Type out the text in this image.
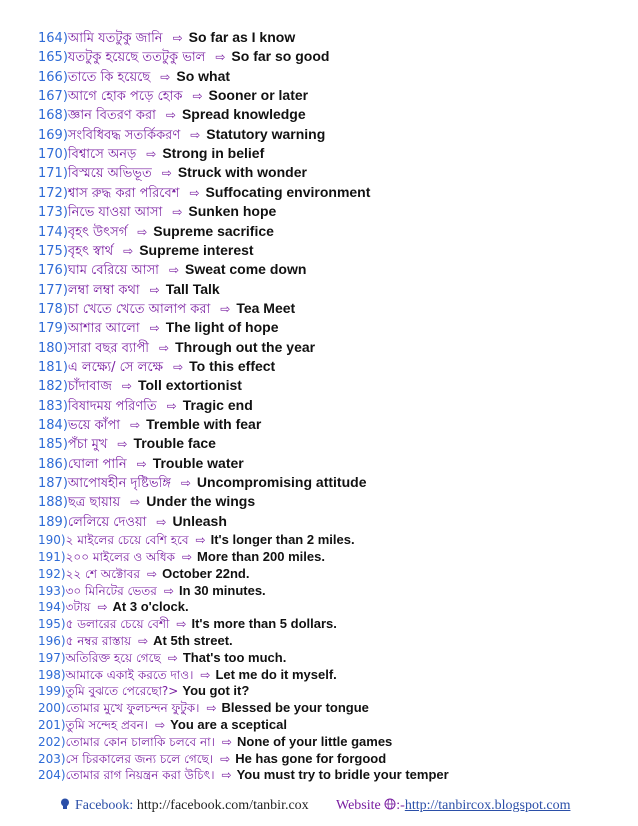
164)আমি যতটুকু জানি ⇨ So far as I know
165)যতটুকু হয়েছে ততটুকু ভাল ⇨ So far so good
166)তাতে কি হয়েছে ⇨ So what
167)আগে হোক পড়ে হোক ⇨ Sooner or later
168)জ্ঞান বিতরণ করা ⇨ Spread knowledge
169)সংবিধিবদ্ধ সতর্কিকরণ ⇨ Statutory warning
170)বিশ্বাসে অনড় ⇨ Strong in belief
171)বিস্ময়ে অভিভূত ⇨ Struck with wonder
172)শ্বাস রুদ্ধ করা পরিবেশ ⇨ Suffocating environment
173)নিভে যাওয়া আসা ⇨ Sunken hope
174)বৃহৎ উৎসর্গ ⇨ Supreme sacrifice
175)বৃহৎ স্বার্থ ⇨ Supreme interest
176)ঘাম বেরিয়ে আসা ⇨ Sweat come down
177)লম্বা লম্বা কথা ⇨ Tall Talk
178)চা খেতে খেতে আলাপ করা ⇨ Tea Meet
179)আশার আলো ⇨ The light of hope
180)সারা বছর ব্যাপী ⇨ Through out the year
181)এ লক্ষ্যে/ সে লক্ষে ⇨ To this effect
182)চাঁদাবাজ ⇨ Toll extortionist
183)বিষাদময় পরিণতি ⇨ Tragic end
184)ভয়ে কাঁপা ⇨ Tremble with fear
185)পঁচা মুখ ⇨ Trouble face
186)ঘোলা পানি ⇨ Trouble water
187)আপোষহীন দৃষ্টিভঙ্গি ⇨ Uncompromising attitude
188)ছত্র ছায়ায় ⇨ Under the wings
189)লেলিয়ে দেওয়া ⇨ Unleash
190)২ মাইলের চেয়ে বেশি হবে ⇨ It's longer than 2 miles.
191)২০০ মাইলের ও অধিক ⇨ More than 200 miles.
192)২২ শে অক্টোবর ⇨ October 22nd.
193)৩০ মিনিটের ভেতর ⇨ In 30 minutes.
194)৩টায় ⇨ At 3 o'clock.
195)৫ ডলারের চেয়ে বেশী ⇨ It's more than 5 dollars.
196)৫ নম্বর রাস্তায় ⇨ At 5th street.
197)অতিরিক্ত হয়ে গেছে ⇨ That's too much.
198)আমাকে একাই করতে দাও। ⇨ Let me do it myself.
199)তুমি বুঝতে পেরেছো?> You got it?
200)তোমার মুখে ফুলচন্দন ফুটুক। ⇨ Blessed be your tongue
201)তুমি সন্দেহ প্রবন। ⇨ You are a sceptical
202)তোমার কোন চালাকি চলবে না। ⇨ None of your little games
203)সে চিরকালের জন্য চলে গেছে। ⇨ He has gone for forgood
204)তোমার রাগ নিয়ন্ত্রন করা উচিৎ। ⇨ You must try to bridle your temper
Facebook: http://facebook.com/tanbir.cox Website :-http://tanbircox.blogspot.com
